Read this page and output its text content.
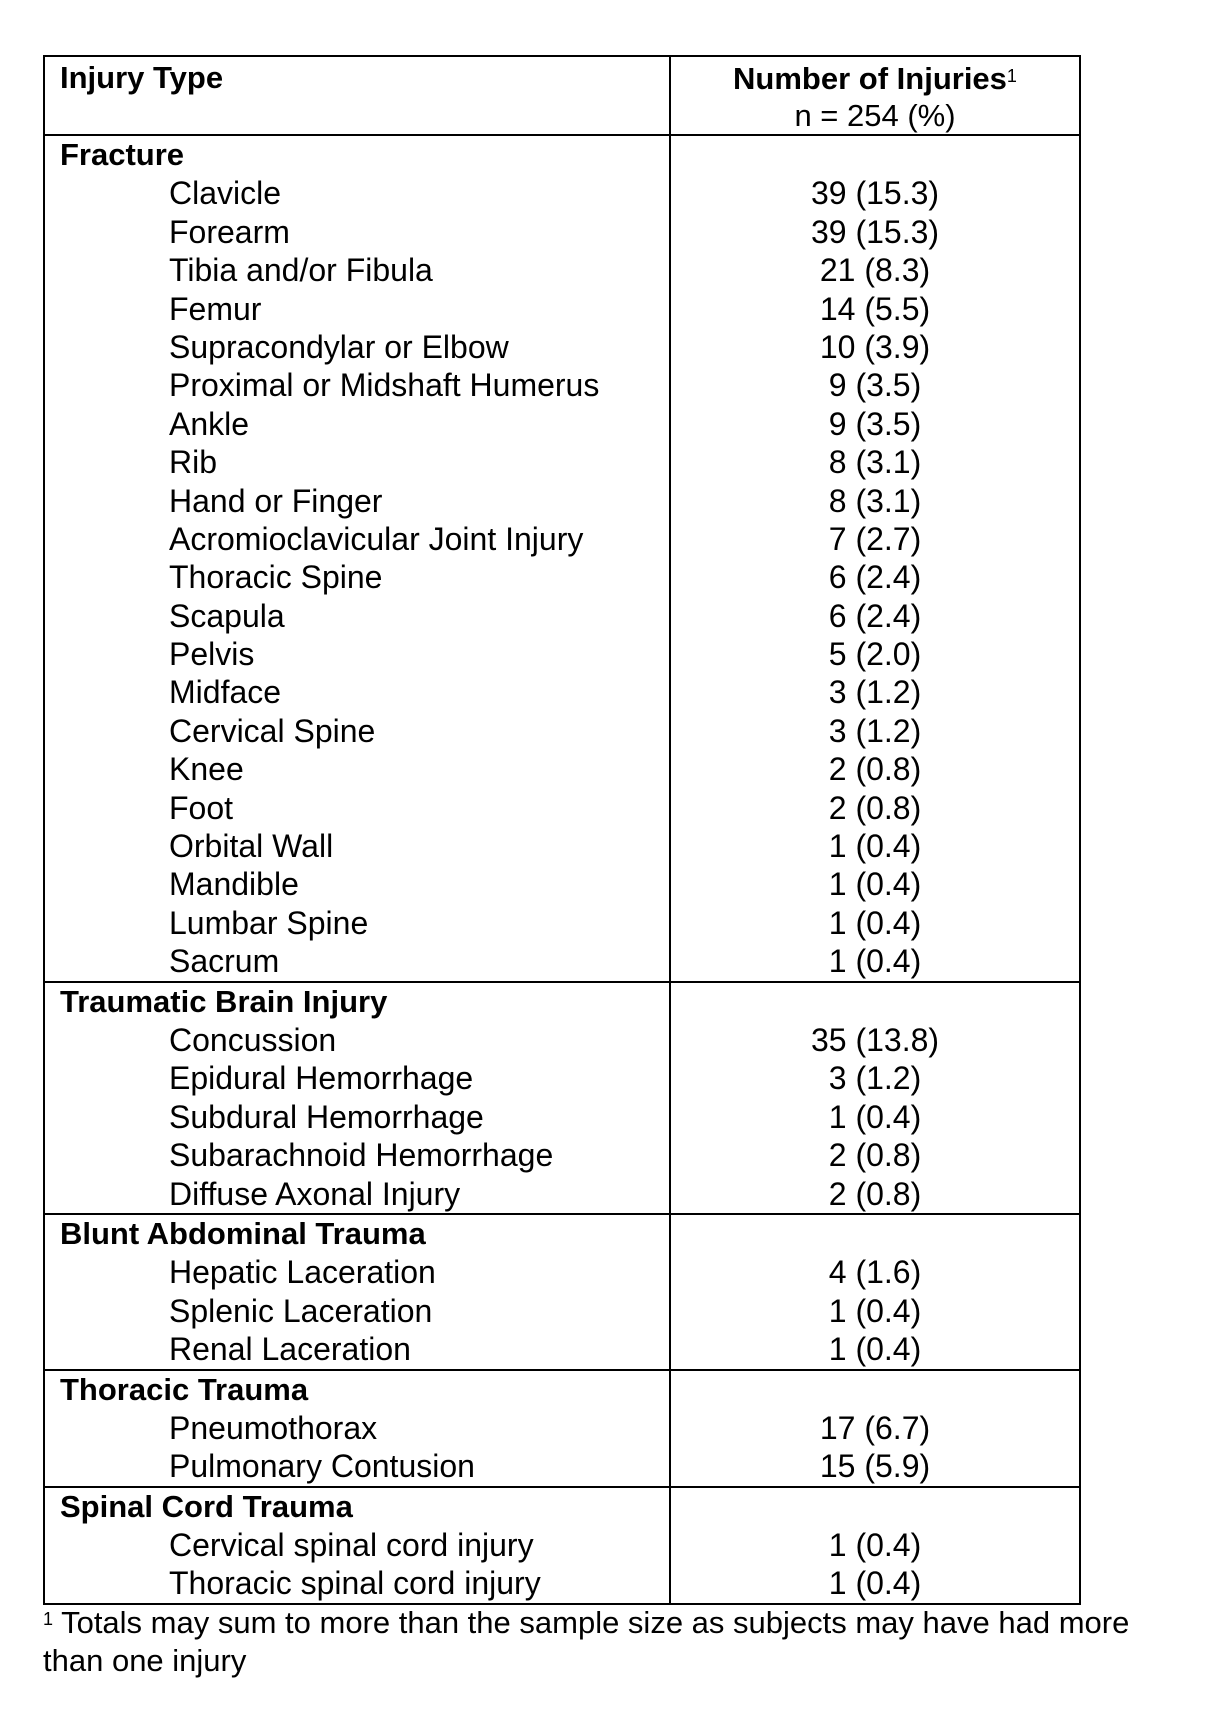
Injury Type	Number of Injuries$^1$
n = 254 (%)
Fracture
Clavicle
Forearm
Tibia and/or Fibula
Femur
Supracondylar or Elbow
Proximal or Midshaft Humerus
Ankle
Rib
Hand or Finger
Acromioclavicular Joint Injury
Thoracic Spine
Scapula
Pelvis
Midface
Cervical Spine
Knee
Foot
Orbital Wall
Mandible
Lumbar Spine
Sacrum
39 (15.3)
39 (15.3)
21 (8.3)
14 (5.5)
10 (3.9)
9 (3.5)
9 (3.5)
8 (3.1)
8 (3.1)
7 (2.7)
6 (2.4)
6 (2.4)
5 (2.0)
3 (1.2)
3 (1.2)
2 (0.8)
2 (0.8)
1 (0.4)
1 (0.4)
1 (0.4)
1 (0.4)
Traumatic Brain Injury
Concussion
Epidural Hemorrhage
Subdural Hemorrhage
Subarachnoid Hemorrhage
Diffuse Axonal Injury
35 (13.8)
3 (1.2)
1 (0.4)
2 (0.8)
2 (0.8)
Blunt Abdominal Trauma
Hepatic Laceration
Splenic Laceration
Renal Laceration
4 (1.6)
1 (0.4)
1 (0.4)
Thoracic Trauma
Pneumothorax
Pulmonary Contusion
17 (6.7)
15 (5.9)
Spinal Cord Trauma
Cervical spinal cord injury
Thoracic spinal cord injury
1 (0.4)
1 (0.4)
$^1$ Totals may sum to more than the sample size as subjects may have had more than one injury
